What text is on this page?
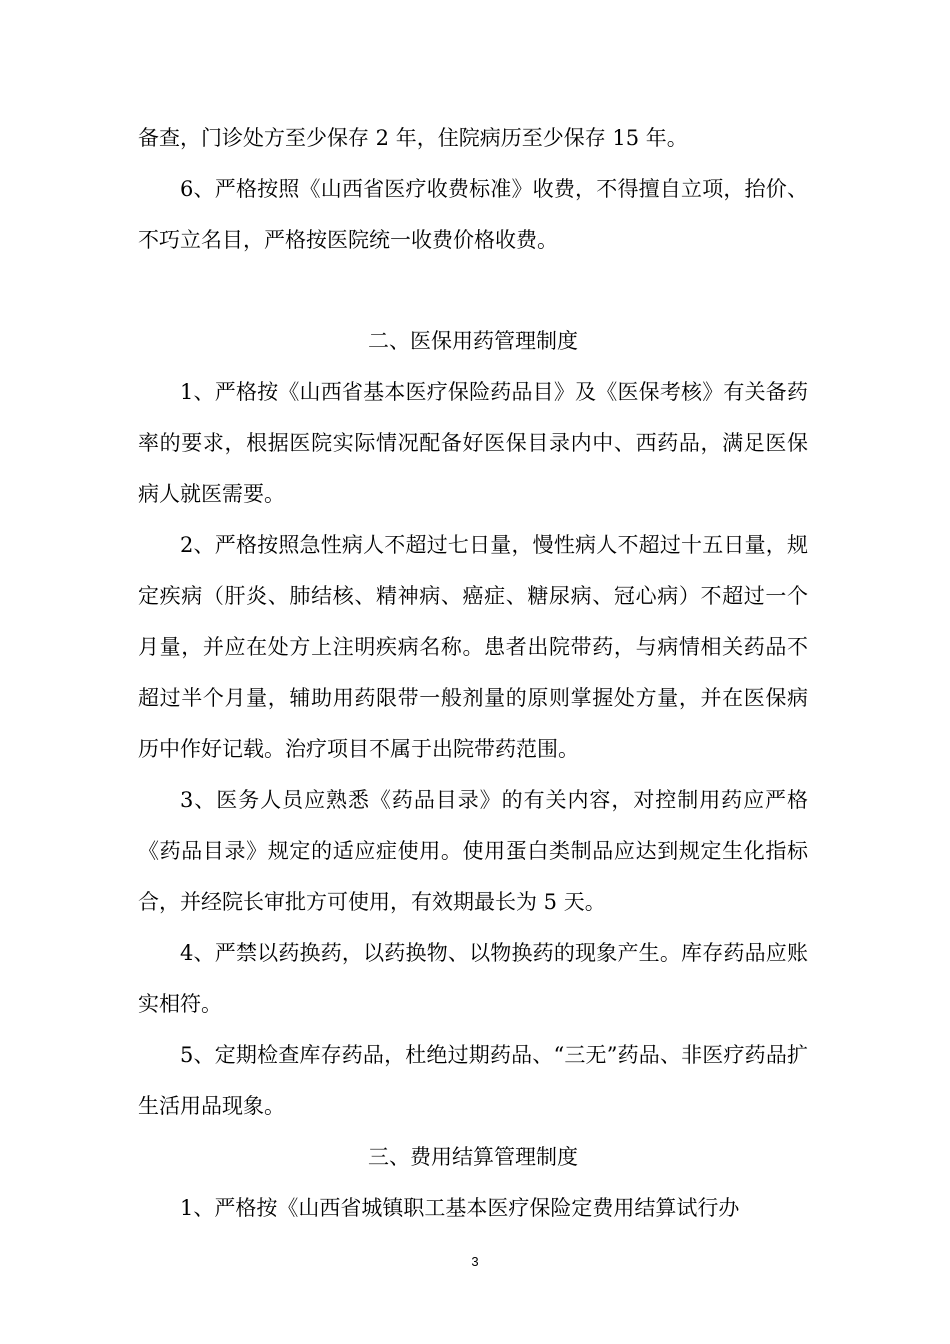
备查，门诊处方至少保存 2 年，住院病历至少保存 15 年。

6、严格按照《山西省医疗收费标准》收费，不得擅自立项，抬价、不巧立名目，严格按医院统一收费价格收费。

二、医保用药管理制度

1、严格按《山西省基本医疗保险药品目》及《医保考核》有关备药率的要求，根据医院实际情况配备好医保目录内中、西药品，满足医保病人就医需要。

2、严格按照急性病人不超过七日量，慢性病人不超过十五日量，规定疾病（肝炎、肺结核、精神病、癌症、糖尿病、冠心病）不超过一个月量，并应在处方上注明疾病名称。患者出院带药，与病情相关药品不超过半个月量，辅助用药限带一般剂量的原则掌握处方量，并在医保病历中作好记载。治疗项目不属于出院带药范围。

3、医务人员应熟悉《药品目录》的有关内容，对控制用药应严格《药品目录》规定的适应症使用。使用蛋白类制品应达到规定生化指标合，并经院长审批方可使用，有效期最长为 5 天。

4、严禁以药换药，以药换物、以物换药的现象产生。库存药品应账实相符。

5、定期检查库存药品，杜绝过期药品、“三无”药品、非医疗药品扩生活用品现象。

三、费用结算管理制度

1、严格按《山西省城镇职工基本医疗保险定费用结算试行办

3
